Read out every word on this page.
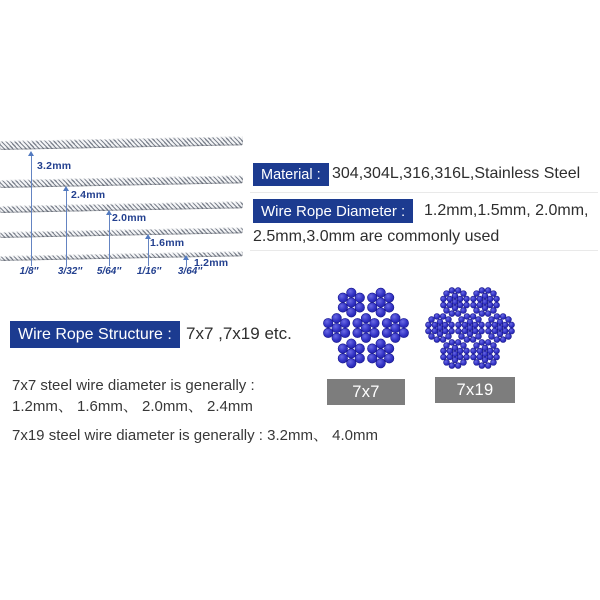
3.2mm
2.4mm
2.0mm
1.6mm
1.2mm
1/8″ 3/32″ 5/64″ 1/16″ 3/64″
Material : 304,304L,316,316L,Stainless Steel
Wire Rope Diameter :	1.2mm,1.5mm, 2.0mm,
2.5mm,3.0mm are commonly used
Wire Rope Structure : 7x7 ,7x19 etc.
7x7	7x19
7x7 steel wire diameter is generally :
1.2mm、 1.6mm、 2.0mm、 2.4mm
7x19 steel wire diameter is generally : 3.2mm、 4.0mm
